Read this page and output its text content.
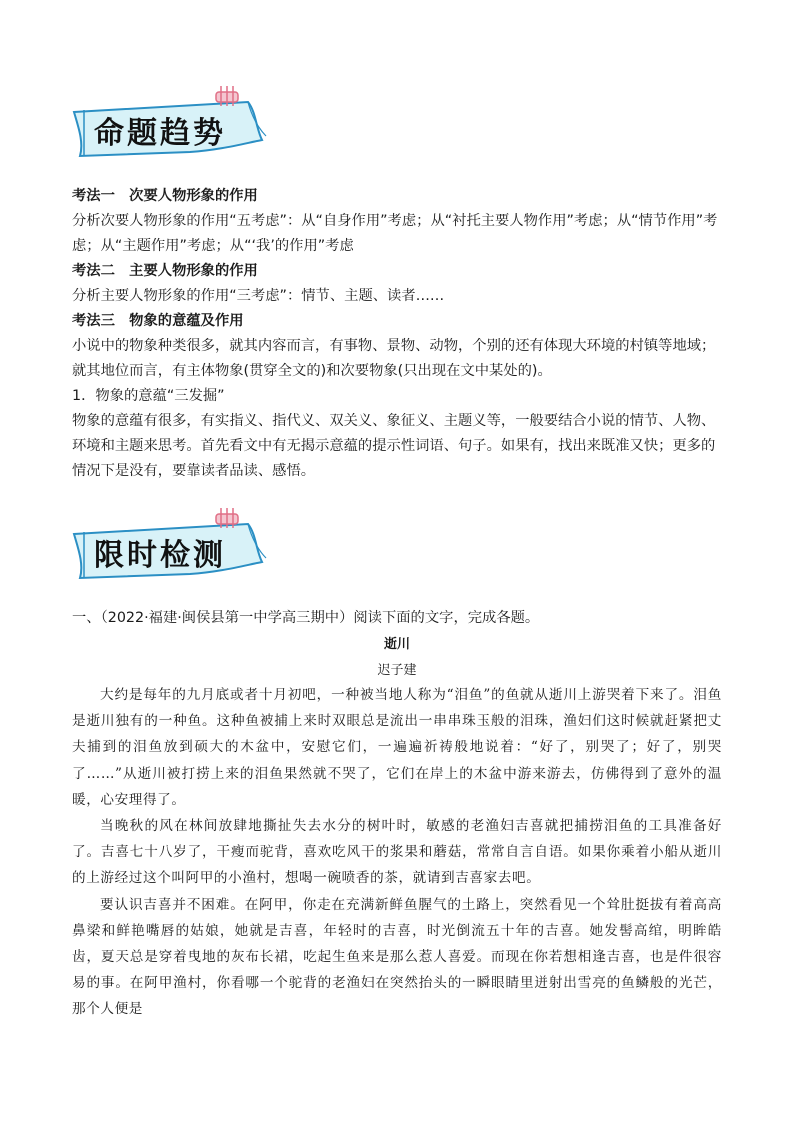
命题趋势

考法一　次要人物形象的作用

分析次要人物形象的作用“五考虑”：从“自身作用”考虑；从“衬托主要人物作用”考虑；从“情节作用”考虑；从“主题作用”考虑；从“‘我’的作用”考虑

考法二　主要人物形象的作用

分析主要人物形象的作用“三考虑”：情节、主题、读者……

考法三　物象的意蕴及作用

小说中的物象种类很多，就其内容而言，有事物、景物、动物，个别的还有体现大环境的村镇等地域；就其地位而言，有主体物象(贯穿全文的)和次要物象(只出现在文中某处的)。

1．物象的意蕴“三发掘”

物象的意蕴有很多，有实指义、指代义、双关义、象征义、主题义等，一般要结合小说的情节、人物、环境和主题来思考。首先看文中有无揭示意蕴的提示性词语、句子。如果有，找出来既准又快；更多的情况下是没有，要靠读者品读、感悟。

限时检测
一、（2022·福建·闽侯县第一中学高三期中）阅读下面的文字，完成各题。
逝川
迟子建

大约是每年的九月底或者十月初吧，一种被当地人称为“泪鱼”的鱼就从逝川上游哭着下来了。泪鱼是逝川独有的一种鱼。这种鱼被捕上来时双眼总是流出一串串珠玉般的泪珠，渔妇们这时候就赶紧把丈夫捕到的泪鱼放到硕大的木盆中，安慰它们，一遍遍祈祷般地说着：“好了，别哭了；好了，别哭了……”从逝川被打捞上来的泪鱼果然就不哭了，它们在岸上的木盆中游来游去，仿佛得到了意外的温暖，心安理得了。

当晚秋的风在林间放肆地撕扯失去水分的树叶时，敏感的老渔妇吉喜就把捕捞泪鱼的工具准备好了。吉喜七十八岁了，干瘦而驼背，喜欢吃风干的浆果和蘑菇，常常自言自语。如果你乘着小船从逝川的上游经过这个叫阿甲的小渔村，想喝一碗喷香的茶，就请到吉喜家去吧。

要认识吉喜并不困难。在阿甲，你走在充满新鲜鱼腥气的土路上，突然看见一个耸肚挺拔有着高高鼻梁和鲜艳嘴唇的姑娘，她就是吉喜，年轻时的吉喜，时光倒流五十年的吉喜。她发髻高绾，明眸皓齿，夏天总是穿着曳地的灰布长裙，吃起生鱼来是那么惹人喜爱。而现在你若想相逢吉喜，也是件很容易的事。在阿甲渔村，你看哪一个驼背的老渔妇在突然抬头的一瞬眼睛里迸射出雪亮的鱼鳞般的光芒，那个人便是
